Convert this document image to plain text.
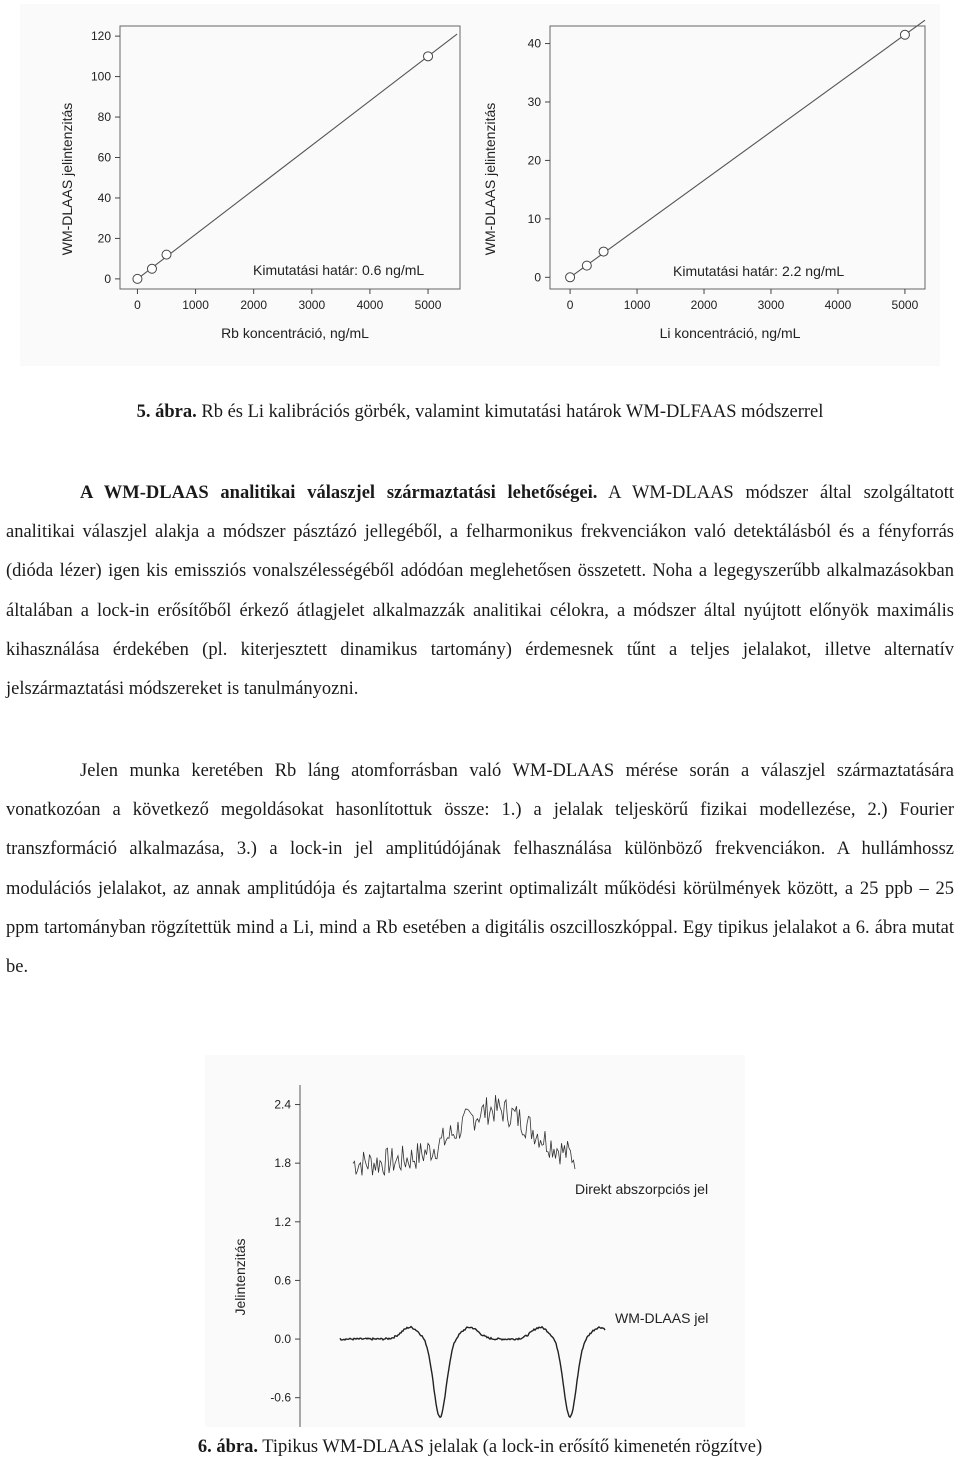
WM-DLAAS jelintenzitás
Rb koncentráció, ng/mL
Kimutatási határ: 0.6 ng/mL
0	1000	2000	3000	4000	5000
0
20
40
60
80
100
120
WM-DLAAS jelintenzitás
Li koncentráció, ng/mL
Kimutatási határ: 2.2 ng/mL
0	1000	2000	3000	4000	5000
0
10
20
30
40
5. ábra. Rb és Li kalibrációs görbék, valamint kimutatási határok WM-DLFAAS módszerrel
A WM-DLAAS analitikai válaszjel származtatási lehetőségei. A WM-DLAAS módszer által szolgáltatott analitikai válaszjel alakja a módszer pásztázó jellegéből, a felharmonikus frekvenciákon való detektálásból és a fényforrás (dióda lézer) igen kis emissziós vonalszélességéből adódóan meglehetősen összetett. Noha a legegyszerűbb alkalmazásokban általában a lock-in erősítőből érkező átlagjelet alkalmazzák analitikai célokra, a módszer által nyújtott előnyök maximális kihasználása érdekében (pl. kiterjesztett dinamikus tartomány) érdemesnek tűnt a teljes jelalakot, illetve alternatív jelszármaztatási módszereket is tanulmányozni.
Jelen munka keretében Rb láng atomforrásban való WM-DLAAS mérése során a válaszjel származtatására vonatkozóan a következő megoldásokat hasonlítottuk össze: 1.) a jelalak teljeskörű fizikai modellezése, 2.) Fourier transzformáció alkalmazása, 3.) a lock-in jel amplitúdójának felhasználása különböző frekvenciákon. A hullámhossz modulációs jelalakot, az annak amplitúdója és zajtartalma szerint optimalizált működési körülmények között, a 25 ppb – 25 ppm tartományban rögzítettük mind a Li, mind a Rb esetében a digitális oszcilloszkóppal. Egy tipikus jelalakot a 6. ábra mutat be.
Jelintenzitás
Direkt abszorpciós jel
WM-DLAAS jel
2.4
1.8
1.2
0.6
0.0
-0.6
6. ábra. Tipikus WM-DLAAS jelalak (a lock-in erősítő kimenetén rögzítve)
